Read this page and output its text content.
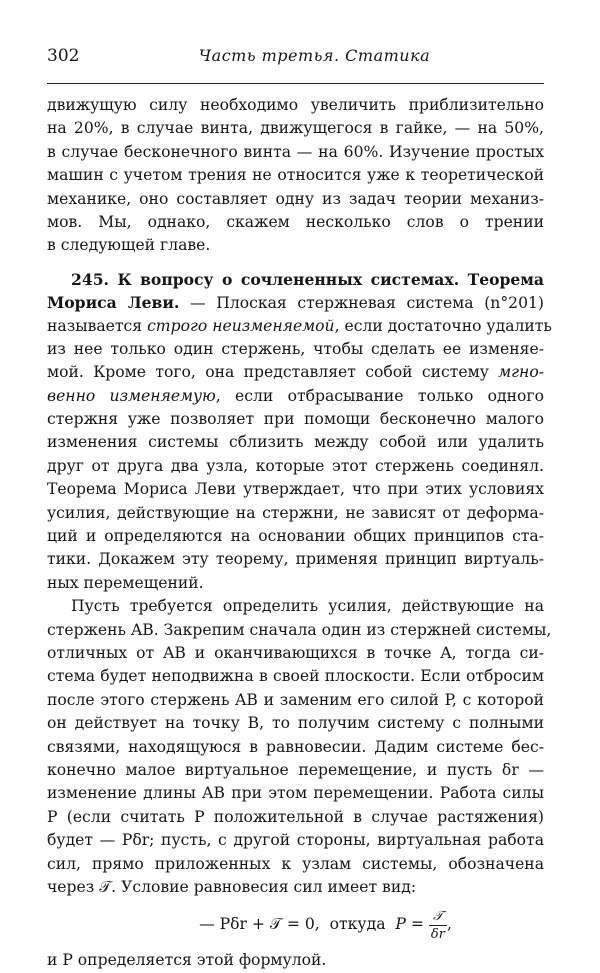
302	Часть третья. Статика
движущую силу необходимо увеличить приблизительно
на 20%, в случае винта, движущегося в гайке, — на 50%,
в случае бесконечного винта — на 60%. Изучение простых
машин с учетом трения не относится уже к теоретической
механике, оно составляет одну из задач теории механиз-
мов. Мы, однако, скажем несколько слов о трении
в следующей главе.
245. К вопросу о сочлененных системах. Теорема
Мориса Леви. — Плоская стержневая система (n°201)
называется строго неизменяемой, если достаточно удалить
из нее только один стержень, чтобы сделать ее изменяе-
мой. Кроме того, она представляет собой систему мгно-
венно изменяемую, если отбрасывание только одного
стержня уже позволяет при помощи бесконечно малого
изменения системы сблизить между собой или удалить
друг от друга два узла, которые этот стержень соединял.
Теорема Мориса Леви утверждает, что при этих условиях
усилия, действующие на стержни, не зависят от деформа-
ций и определяются на основании общих принципов ста-
тики. Докажем эту теорему, применяя принцип виртуаль-
ных перемещений.
Пусть требуется определить усилия, действующие на
стержень AB. Закрепим сначала один из стержней системы,
отличных от AB и оканчивающихся в точке A, тогда си-
стема будет неподвижна в своей плоскости. Если отбросим
после этого стержень AB и заменим его силой P, с которой
он действует на точку B, то получим систему с полными
связями, находящуюся в равновесии. Дадим системе бес-
конечно малое виртуальное перемещение, и пусть δr —
изменение длины AB при этом перемещении. Работа силы
P (если считать P положительной в случае растяжения)
будет — Pδr; пусть, с другой стороны, виртуальная работа
сил, прямо приложенных к узлам системы, обозначена
через 𝒯. Условие равновесия сил имеет вид:
— Pδr + 𝒯 = 0, откуда $P = \frac{\text{𝒯}}{\delta r}$ ,
и P определяется этой формулой.
